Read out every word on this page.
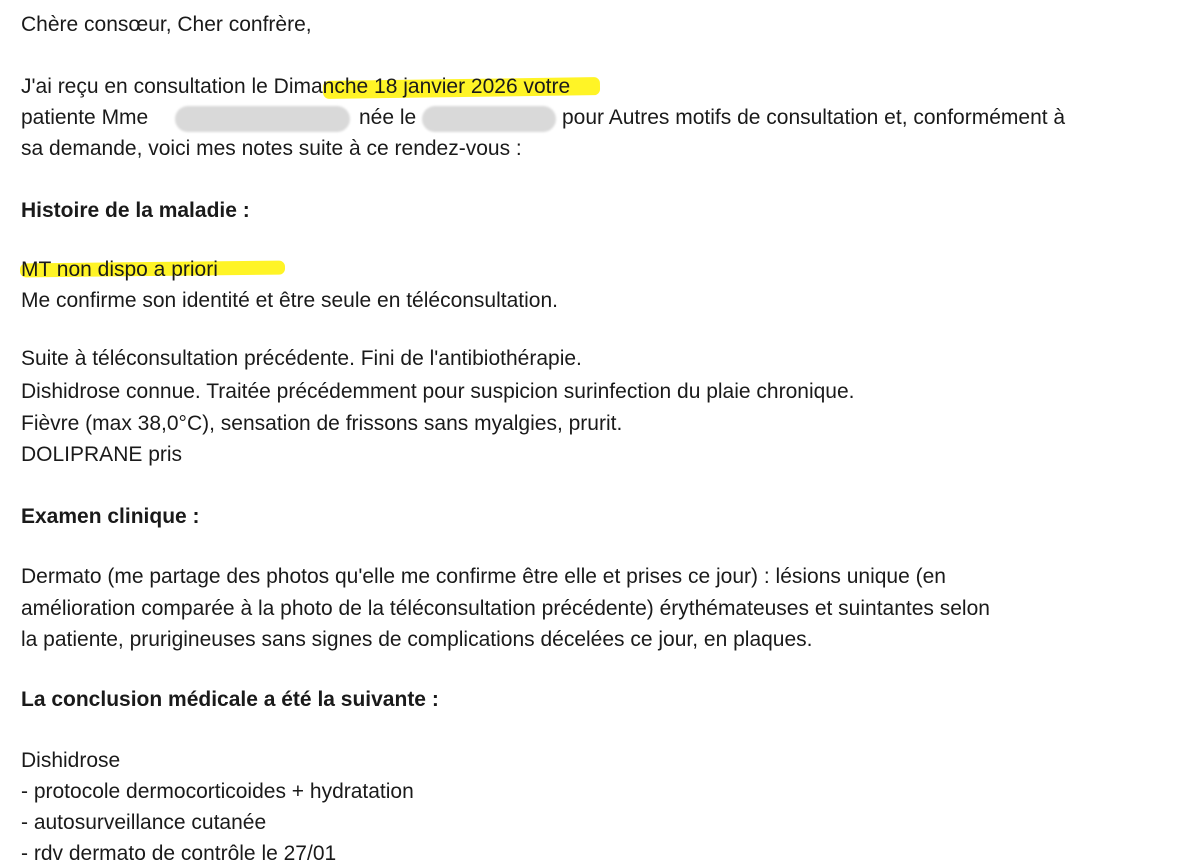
Chère consœur, Cher confrère,
J'ai reçu en consultation le Dimanche 18 janvier 2026 votre
patiente Mme	née le	pour Autres motifs de consultation et, conformément à
sa demande, voici mes notes suite à ce rendez-vous :
Histoire de la maladie :
MT non dispo a priori
Me confirme son identité et être seule en téléconsultation.
Suite à téléconsultation précédente. Fini de l'antibiothérapie.
Dishidrose connue. Traitée précédemment pour suspicion surinfection du plaie chronique.
Fièvre (max 38,0°C), sensation de frissons sans myalgies, prurit.
DOLIPRANE pris
Examen clinique :
Dermato (me partage des photos qu'elle me confirme être elle et prises ce jour) : lésions unique (en
amélioration comparée à la photo de la téléconsultation précédente) érythémateuses et suintantes selon
la patiente, prurigineuses sans signes de complications décelées ce jour, en plaques.
La conclusion médicale a été la suivante :
Dishidrose
- protocole dermocorticoides + hydratation
- autosurveillance cutanée
- rdv dermato de contrôle le 27/01
